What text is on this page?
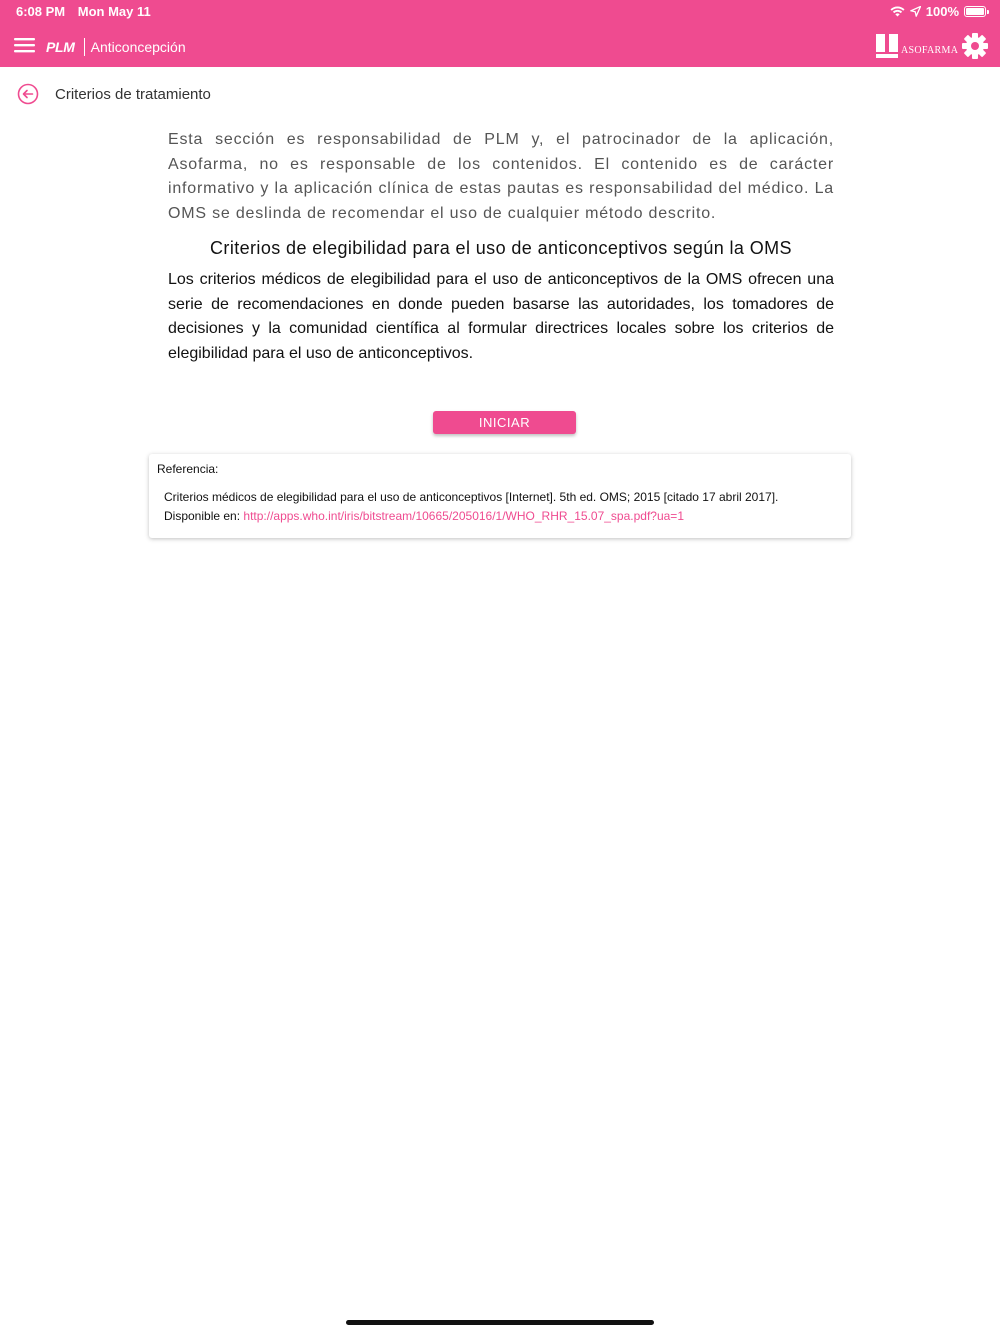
6:08 PM Mon May 11	100%
PLM Anticoncepción	ASOFARMA
Criterios de tratamiento

Esta sección es responsabilidad de PLM y, el patrocinador de la aplicación, Asofarma, no es responsable de los contenidos. El contenido es de carácter informativo y la aplicación clínica de estas pautas es responsabilidad del médico. La OMS se deslinda de recomendar el uso de cualquier método descrito.

Criterios de elegibilidad para el uso de anticonceptivos según la OMS

Los criterios médicos de elegibilidad para el uso de anticonceptivos de la OMS ofrecen una serie de recomendaciones en donde pueden basarse las autoridades, los tomadores de decisiones y la comunidad científica al formular directrices locales sobre los criterios de elegibilidad para el uso de anticonceptivos.

INICIAR
Referencia:
Criterios médicos de elegibilidad para el uso de anticonceptivos [Internet]. 5th ed. OMS; 2015 [citado 17 abril 2017].
Disponible en: http://apps.who.int/iris/bitstream/10665/205016/1/WHO_RHR_15.07_spa.pdf?ua=1
